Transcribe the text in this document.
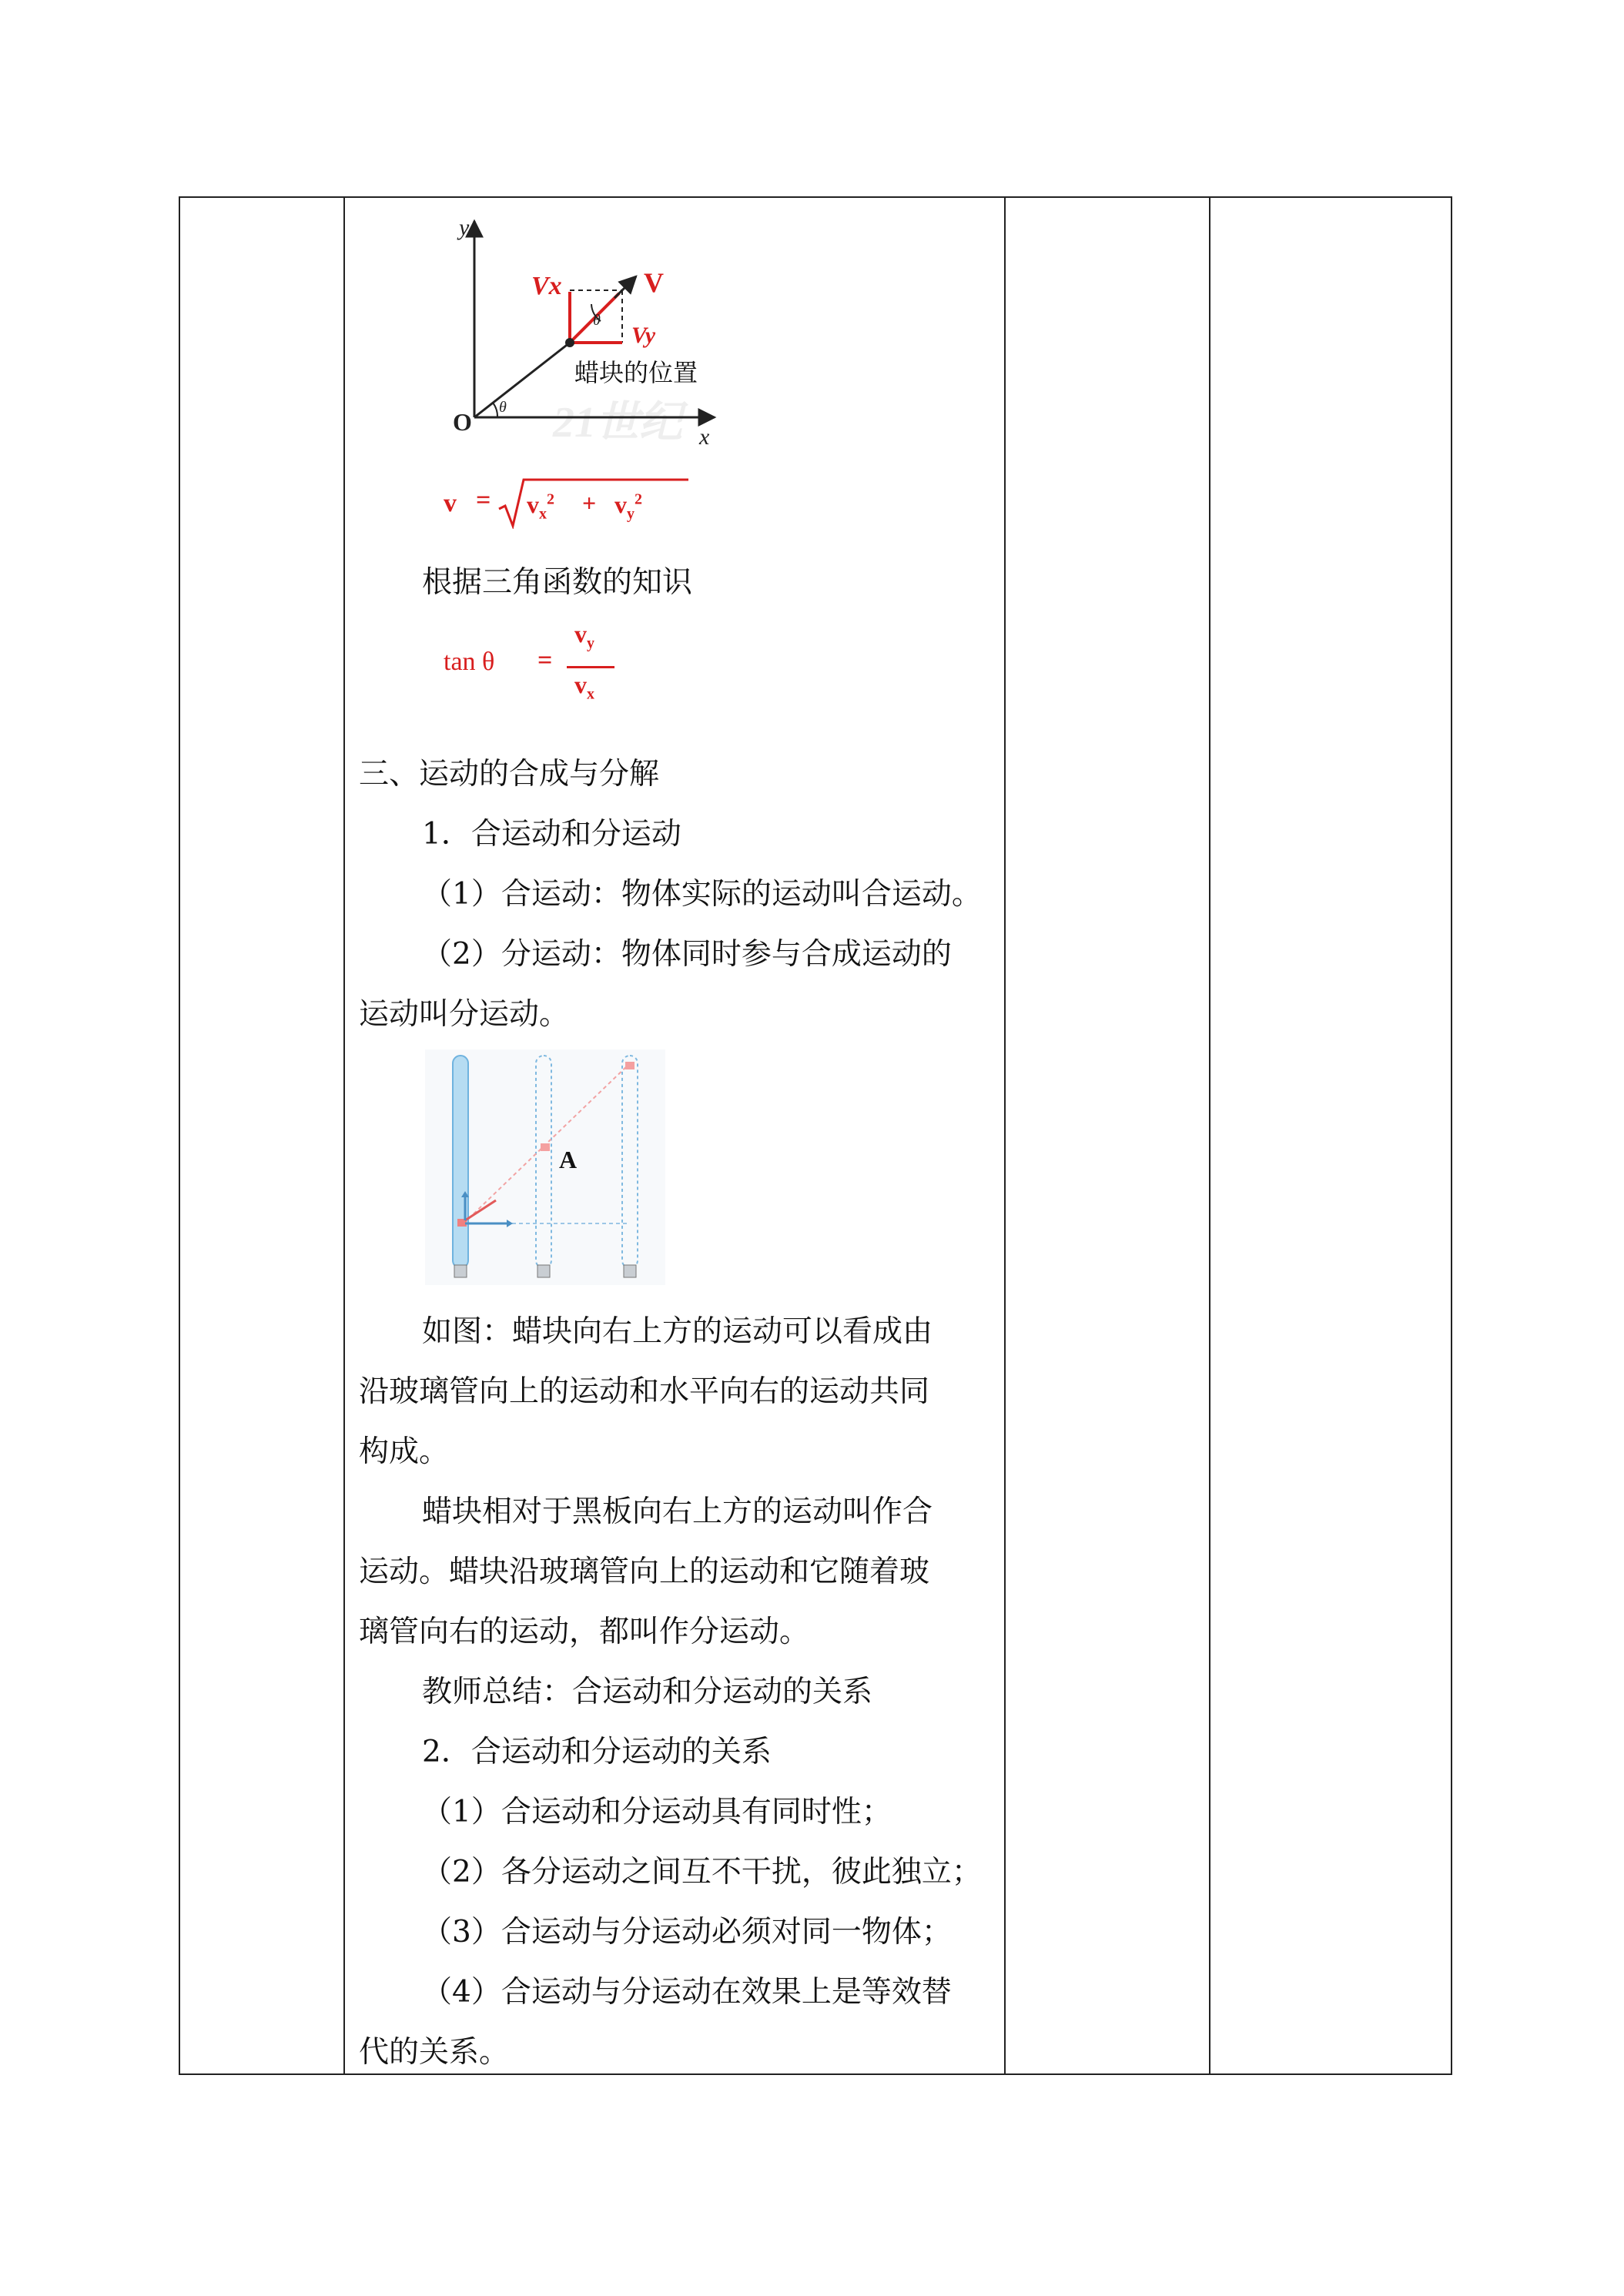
21世纪
y
x
O
θ
θ
Vx	V
Vy
蜡块的位置
$v = v_x^2 + v_y^2$
根据三角函数的知识
tan θ =
$v_y$
$v_x$
三、运动的合成与分解
1．合运动和分运动
（1）合运动：物体实际的运动叫合运动。
（2）分运动：物体同时参与合成运动的
运动叫分运动。
A
如图：蜡块向右上方的运动可以看成由
沿玻璃管向上的运动和水平向右的运动共同
构成。
蜡块相对于黑板向右上方的运动叫作合
运动。蜡块沿玻璃管向上的运动和它随着玻
璃管向右的运动，都叫作分运动。
教师总结：合运动和分运动的关系
2．合运动和分运动的关系
（1）合运动和分运动具有同时性；
（2）各分运动之间互不干扰，彼此独立；
（3）合运动与分运动必须对同一物体；
（4）合运动与分运动在效果上是等效替
代的关系。
